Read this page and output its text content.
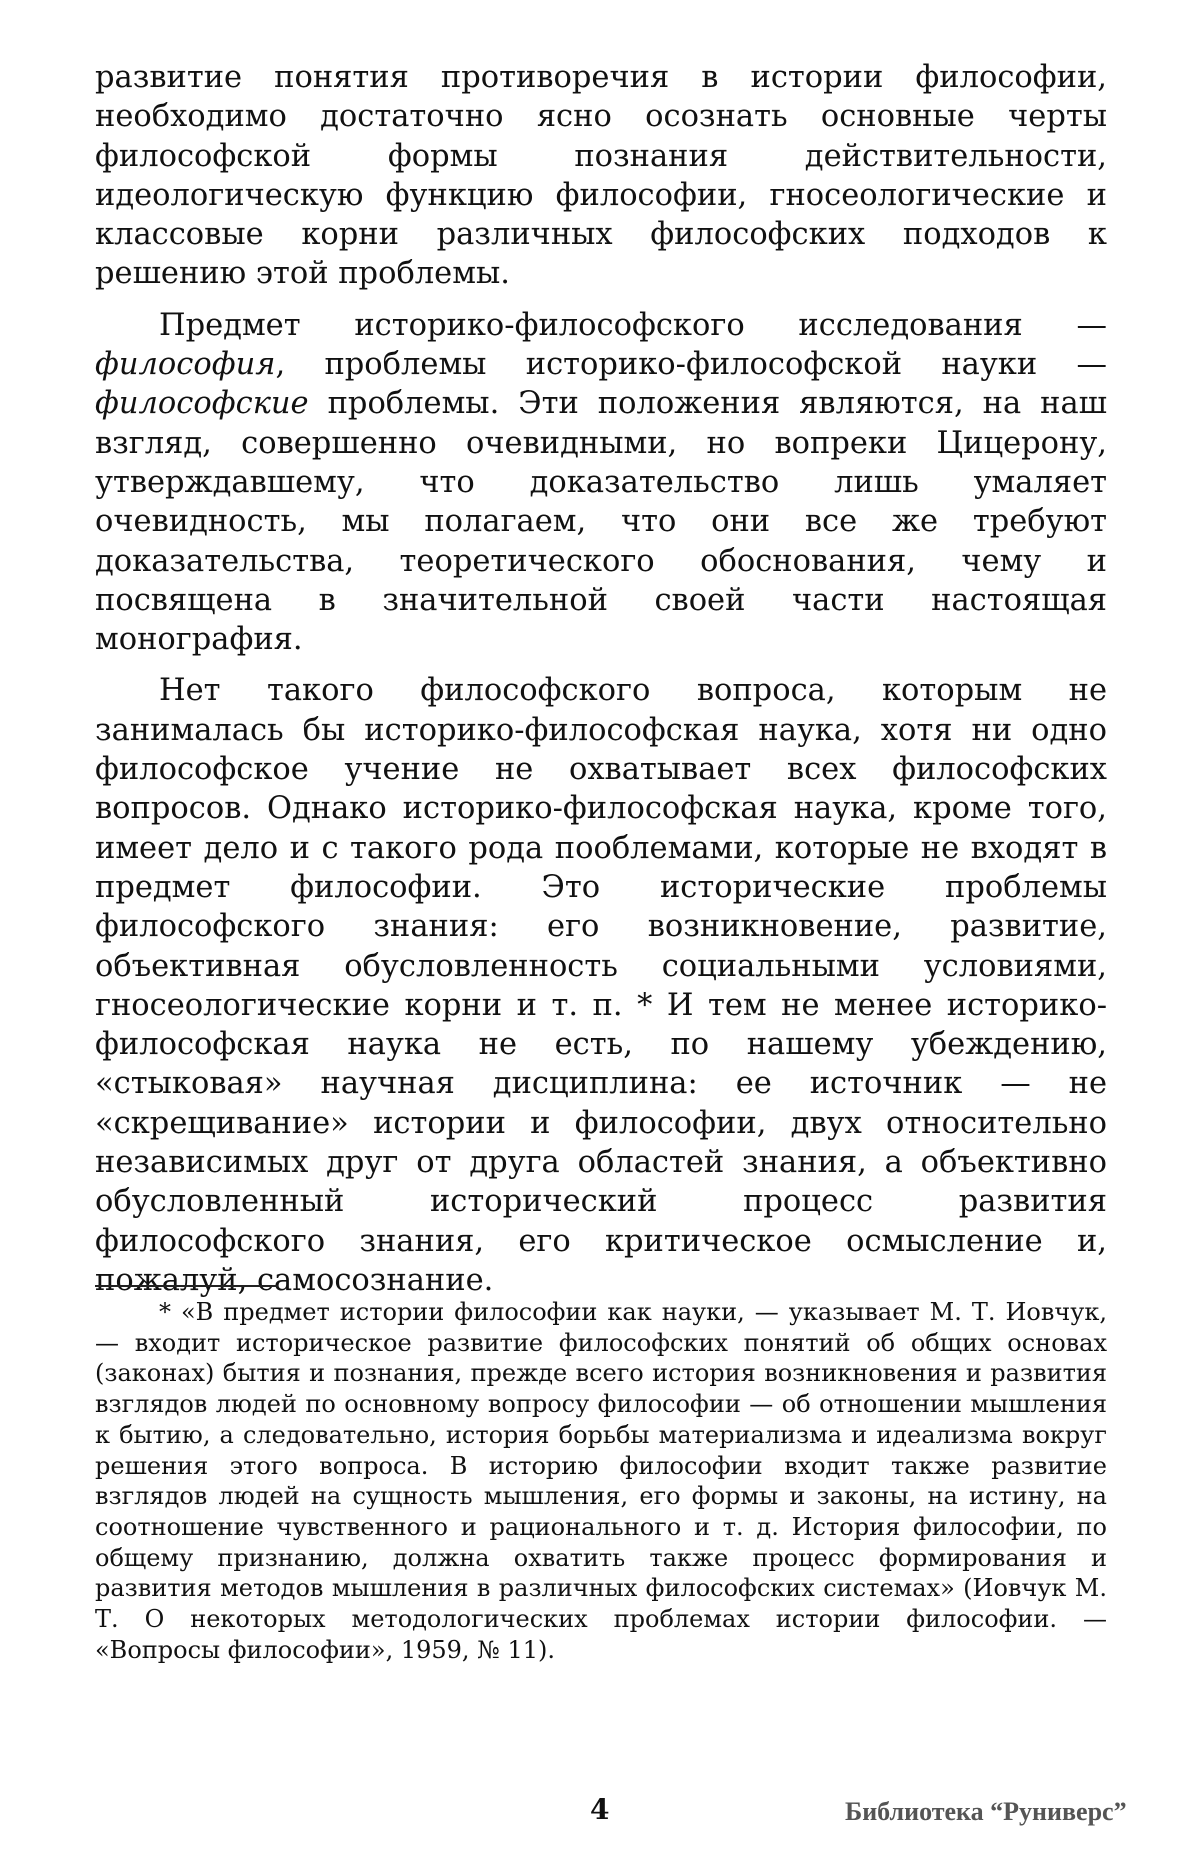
развитие понятия противоречия в истории философии, необходимо достаточно ясно осознать основные черты философской формы познания действительности, идеологическую функцию философии, гносеологические и классовые корни различных философских подходов к решению этой проблемы.

Предмет историко-философского исследования — философия, проблемы историко-философской науки — философские проблемы. Эти положения являются, на наш взгляд, совершенно очевидными, но вопреки Цицерону, утверждавшему, что доказательство лишь умаляет очевидность, мы полагаем, что они все же требуют доказательства, теоретического обоснования, чему и посвящена в значительной своей части настоящая монография.

Нет такого философского вопроса, которым не занималась бы историко-философская наука, хотя ни одно философское учение не охватывает всех философских вопросов. Однако историко-философская наука, кроме того, имеет дело и с такого рода пооблемами, которые не входят в предмет философии. Это исторические проблемы философского знания: его возникновение, развитие, объективная обусловленность социальными условиями, гносеологические корни и т. п. * И тем не менее историко-философская наука не есть, по нашему убеждению, «стыковая» научная дисциплина: ее источник — не «скрещивание» истории и философии, двух относительно независимых друг от друга областей знания, а объективно обусловленный исторический процесс развития философского знания, его критическое осмысление и, пожалуй, самосознание.

* «В предмет истории философии как науки, — указывает М. Т. Иовчук, — входит историческое развитие философских понятий об общих основах (законах) бытия и познания, прежде всего история возникновения и развития взглядов людей по основному вопросу философии — об отношении мышления к бытию, а следовательно, история борьбы материализма и идеализма вокруг решения этого вопроса. В историю философии входит также развитие взглядов людей на сущность мышления, его формы и законы, на истину, на соотношение чувственного и рационального и т. д. История философии, по общему признанию, должна охватить также процесс формирования и развития методов мышления в различных философских системах» (Иовчук М. Т. О некоторых методологических проблемах истории философии. — «Вопросы философии», 1959, № 11).

4	Библиотека “Руниверс”
